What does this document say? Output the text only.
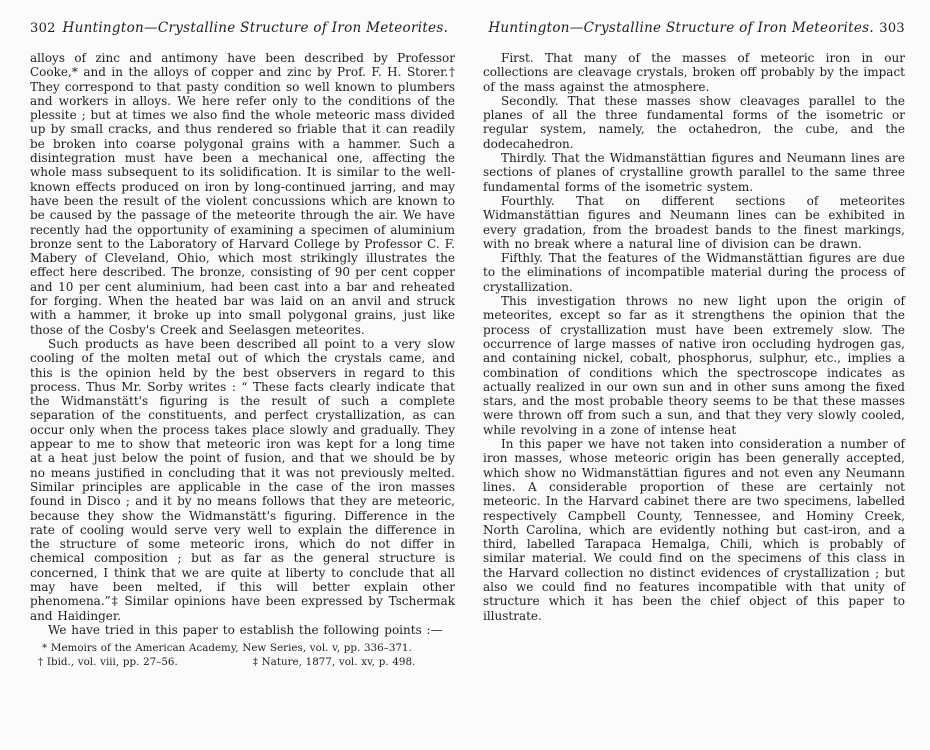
302 Huntington—Crystalline Structure of Iron Meteorites.

alloys of zinc and antimony have been described by Professor Cooke,* and in the alloys of copper and zinc by Prof. F. H. Storer.† They correspond to that pasty condition so well known to plumbers and workers in alloys. We here refer only to the conditions of the plessite ; but at times we also find the whole meteoric mass divided up by small cracks, and thus rendered so friable that it can readily be broken into coarse polygonal grains with a hammer. Such a disintegration must have been a mechanical one, affecting the whole mass subsequent to its solidification. It is similar to the well-known effects produced on iron by long-continued jarring, and may have been the result of the violent concussions which are known to be caused by the passage of the meteorite through the air. We have recently had the opportunity of examining a specimen of aluminium bronze sent to the Laboratory of Harvard College by Professor C. F. Mabery of Cleveland, Ohio, which most strikingly illustrates the effect here described. The bronze, consisting of 90 per cent copper and 10 per cent aluminium, had been cast into a bar and reheated for forging. When the heated bar was laid on an anvil and struck with a hammer, it broke up into small polygonal grains, just like those of the Cosby's Creek and Seelasgen meteorites.

Such products as have been described all point to a very slow cooling of the molten metal out of which the crystals came, and this is the opinion held by the best observers in regard to this process. Thus Mr. Sorby writes : “ These facts clearly indicate that the Widmanstätt's figuring is the result of such a complete separation of the constituents, and perfect crystallization, as can occur only when the process takes place slowly and gradually. They appear to me to show that meteoric iron was kept for a long time at a heat just below the point of fusion, and that we should be by no means justified in concluding that it was not previously melted. Similar principles are applicable in the case of the iron masses found in Disco ; and it by no means follows that they are meteoric, because they show the Widmanstätt's figuring. Difference in the rate of cooling would serve very well to explain the difference in the structure of some meteoric irons, which do not differ in chemical composition ; but as far as the general structure is concerned, I think that we are quite at liberty to conclude that all may have been melted, if this will better explain other phenomena.”‡ Similar opinions have been expressed by Tschermak and Haidinger.

We have tried in this paper to establish the following points :—

* Memoirs of the American Academy, New Series, vol. v, pp. 336–371.
† Ibid., vol. viii, pp. 27–56.	‡ Nature, 1877, vol. xv, p. 498.
Huntington—Crystalline Structure of Iron Meteorites. 303

First. That many of the masses of meteoric iron in our collections are cleavage crystals, broken off probably by the impact of the mass against the atmosphere.

Secondly. That these masses show cleavages parallel to the planes of all the three fundamental forms of the isometric or regular system, namely, the octahedron, the cube, and the dodecahedron.

Thirdly. That the Widmanstättian figures and Neumann lines are sections of planes of crystalline growth parallel to the same three fundamental forms of the isometric system.

Fourthly. That on different sections of meteorites Widmanstättian figures and Neumann lines can be exhibited in every gradation, from the broadest bands to the finest markings, with no break where a natural line of division can be drawn.

Fifthly. That the features of the Widmanstättian figures are due to the eliminations of incompatible material during the process of crystallization.

This investigation throws no new light upon the origin of meteorites, except so far as it strengthens the opinion that the process of crystallization must have been extremely slow. The occurrence of large masses of native iron occluding hydrogen gas, and containing nickel, cobalt, phosphorus, sulphur, etc., implies a combination of conditions which the spectroscope indicates as actually realized in our own sun and in other suns among the fixed stars, and the most probable theory seems to be that these masses were thrown off from such a sun, and that they very slowly cooled, while revolving in a zone of intense heat

In this paper we have not taken into consideration a number of iron masses, whose meteoric origin has been generally accepted, which show no Widmanstättian figures and not even any Neumann lines. A considerable proportion of these are certainly not meteoric. In the Harvard cabinet there are two specimens, labelled respectively Campbell County, Tennessee, and Hominy Creek, North Carolina, which are evidently nothing but cast-iron, and a third, labelled Tarapaca Hemalga, Chili, which is probably of similar material. We could find on the specimens of this class in the Harvard collection no distinct evidences of crystallization ; but also we could find no features incompatible with that unity of structure which it has been the chief object of this paper to illustrate.
